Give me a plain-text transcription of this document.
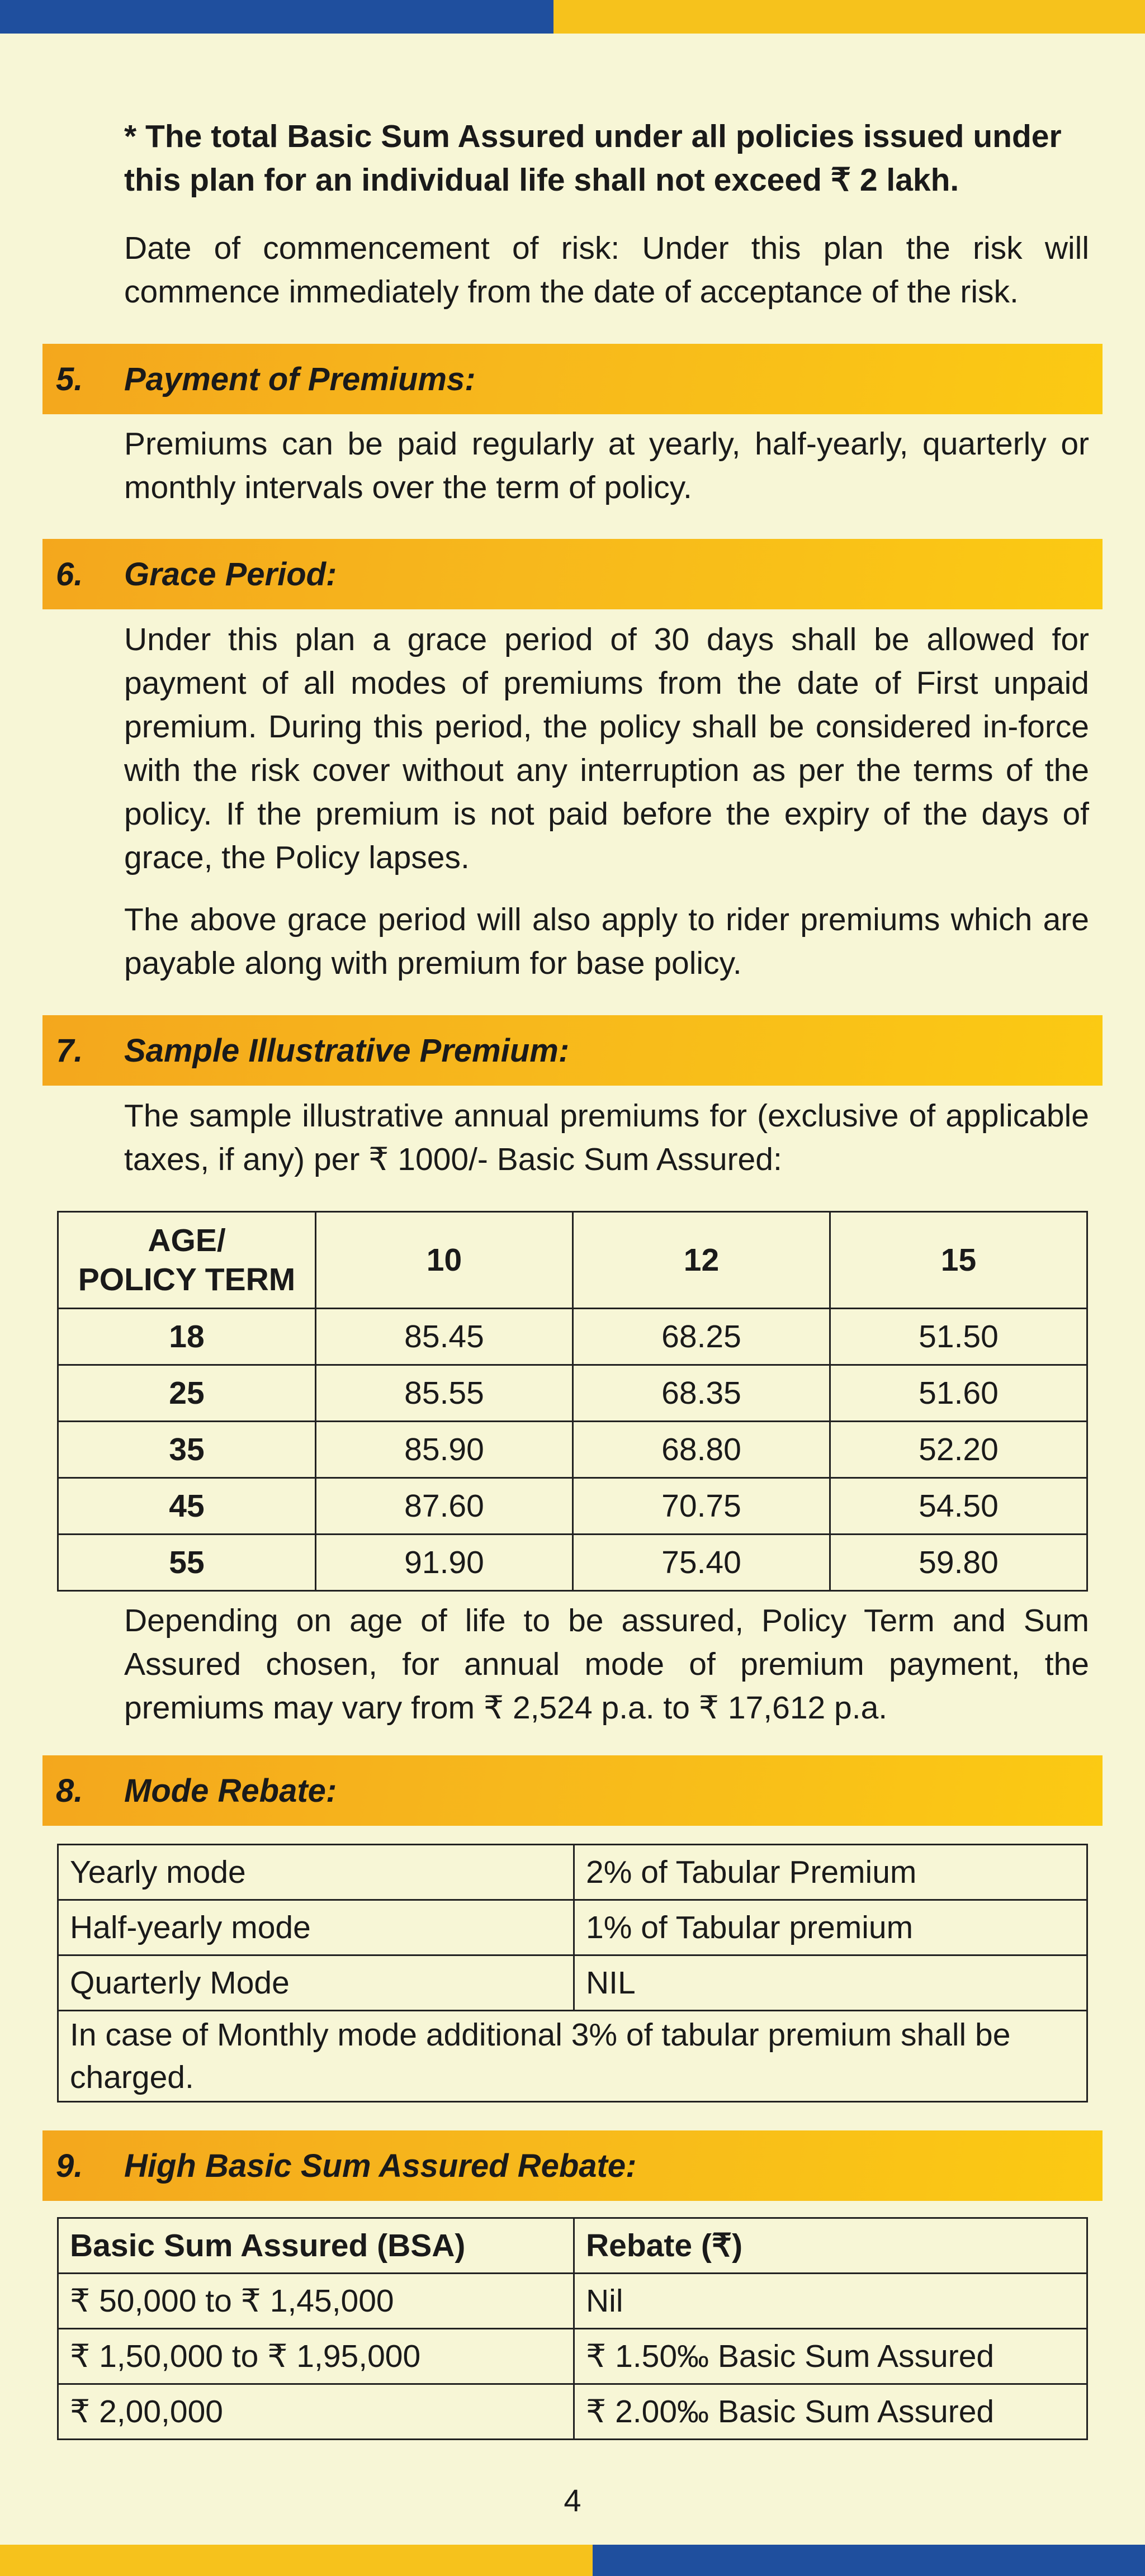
* The total Basic Sum Assured under all policies issued under this plan for an individual life shall not exceed ₹ 2 lakh.

Date of commencement of risk: Under this plan the risk will commence immediately from the date of acceptance of the risk.

5. Payment of Premiums:

Premiums can be paid regularly at yearly, half-yearly, quarterly or monthly intervals over the term of policy.

6. Grace Period:

Under this plan a grace period of 30 days shall be allowed for payment of all modes of premiums from the date of First unpaid premium. During this period, the policy shall be considered in-force with the risk cover without any interruption as per the terms of the policy. If the premium is not paid before the expiry of the days of grace, the Policy lapses.

The above grace period will also apply to rider premiums which are payable along with premium for base policy.

7. Sample Illustrative Premium:

The sample illustrative annual premiums for (exclusive of applicable taxes, if any) per ₹ 1000/- Basic Sum Assured:

AGE/
POLICY TERM	10	12	15
18	85.45	68.25	51.50
25	85.55	68.35	51.60
35	85.90	68.80	52.20
45	87.60	70.75	54.50
55	91.90	75.40	59.80

Depending on age of life to be assured, Policy Term and Sum Assured chosen, for annual mode of premium payment, the premiums may vary from ₹ 2,524 p.a. to ₹ 17,612 p.a.

8. Mode Rebate:
Yearly mode	2% of Tabular Premium
Half-yearly mode	1% of Tabular premium
Quarterly Mode	NIL
In case of Monthly mode additional 3% of tabular premium shall be charged.	
9. High Basic Sum Assured Rebate:
Basic Sum Assured (BSA)	Rebate (₹)
₹ 50,000 to ₹ 1,45,000	Nil
₹ 1,50,000 to ₹ 1,95,000	₹ 1.50‰ Basic Sum Assured
₹ 2,00,000	₹ 2.00‰ Basic Sum Assured
4
